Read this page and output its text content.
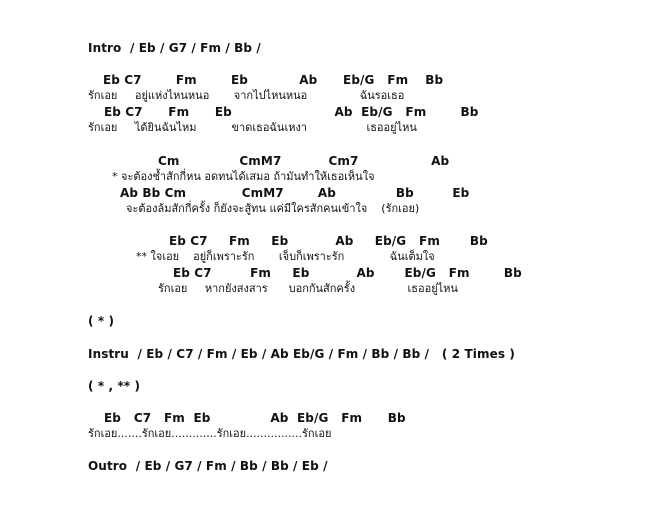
Intro  / Eb / G7 / Fm / Bb /
Eb C7        Fm        Eb            Ab      Eb/G   Fm    Bb
รักเอย     อยู่แห่งไหนหนอ       จากไปไหนหนอ               ฉันรอเธอ
Eb C7      Fm      Eb                        Ab  Eb/G   Fm        Bb
รักเอย     ได้ยินฉันไหม          ขาดเธอฉันเหงา                 เธออยู่ไหน
Cm              CmM7           Cm7                 Ab
* จะต้องช้ำสักกี่หน อดทนได้เสมอ ถ้ามันทำให้เธอเห็นใจ
Ab Bb Cm             CmM7        Ab              Bb         Eb
จะต้องล้มสักกี่ครั้ง ก็ยังจะสู้ทน แค่มีใครสักคนเข้าใจ    (รักเอย)
Eb C7     Fm     Eb           Ab     Eb/G   Fm       Bb
** ใจเอย    อยู่ก็เพราะรัก       เจ็บก็เพราะรัก             ฉันเต็มใจ
Eb C7         Fm     Eb           Ab       Eb/G   Fm        Bb
รักเอย     หากยังสงสาร      บอกกันสักครั้ง               เธออยู่ไหน
( * )
Instru  / Eb / C7 / Fm / Eb / Ab Eb/G / Fm / Bb / Bb /   ( 2 Times )
( * , ** )
Eb   C7   Fm  Eb              Ab  Eb/G   Fm      Bb
รักเอย.......รักเอย.............รักเอย................รักเอย
Outro  / Eb / G7 / Fm / Bb / Bb / Eb /
